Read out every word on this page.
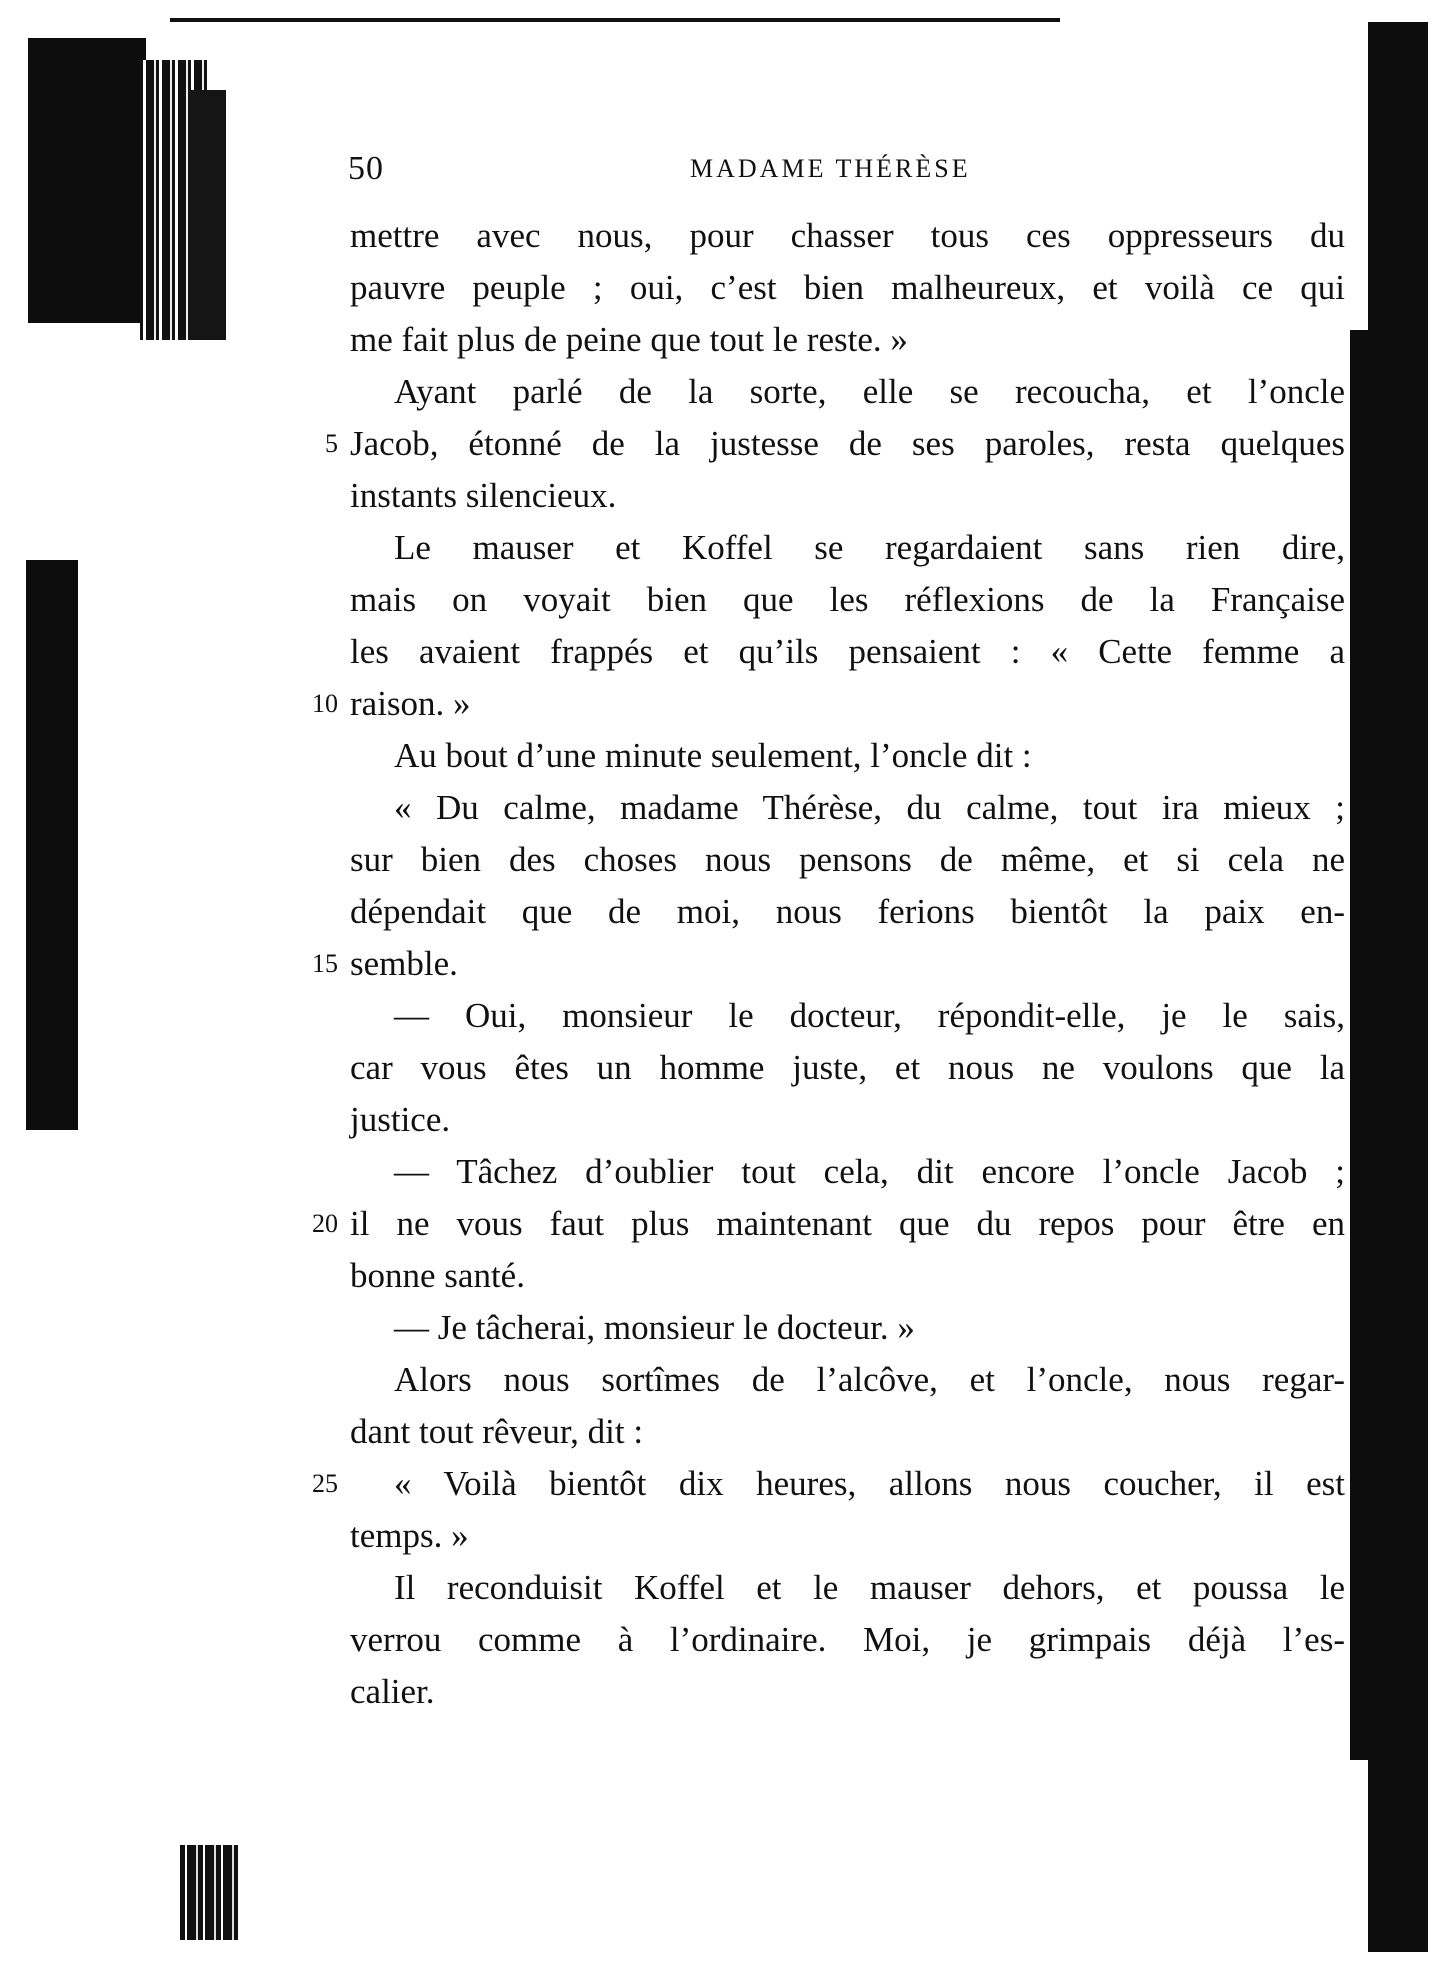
50	MADAME THÉRÈSE
mettre avec nous, pour chasser tous ces oppresseurs du
pauvre peuple ; oui, c’est bien malheureux, et voilà ce qui
me fait plus de peine que tout le reste. »
Ayant parlé de la sorte, elle se recoucha, et l’oncle
5 Jacob, étonné de la justesse de ses paroles, resta quelques
instants silencieux.
Le mauser et Koffel se regardaient sans rien dire,
mais on voyait bien que les réflexions de la Française
les avaient frappés et qu’ils pensaient : « Cette femme a
10 raison. »
Au bout d’une minute seulement, l’oncle dit :
« Du calme, madame Thérèse, du calme, tout ira mieux ;
sur bien des choses nous pensons de même, et si cela ne
dépendait que de moi, nous ferions bientôt la paix en-
15 semble.
— Oui, monsieur le docteur, répondit-elle, je le sais,
car vous êtes un homme juste, et nous ne voulons que la
justice.
— Tâchez d’oublier tout cela, dit encore l’oncle Jacob ;
20 il ne vous faut plus maintenant que du repos pour être en
bonne santé.
— Je tâcherai, monsieur le docteur. »
Alors nous sortîmes de l’alcôve, et l’oncle, nous regar-
dant tout rêveur, dit :
25	« Voilà bientôt dix heures, allons nous coucher, il est
temps. »
Il reconduisit Koffel et le mauser dehors, et poussa le
verrou comme à l’ordinaire. Moi, je grimpais déjà l’es-
calier.
